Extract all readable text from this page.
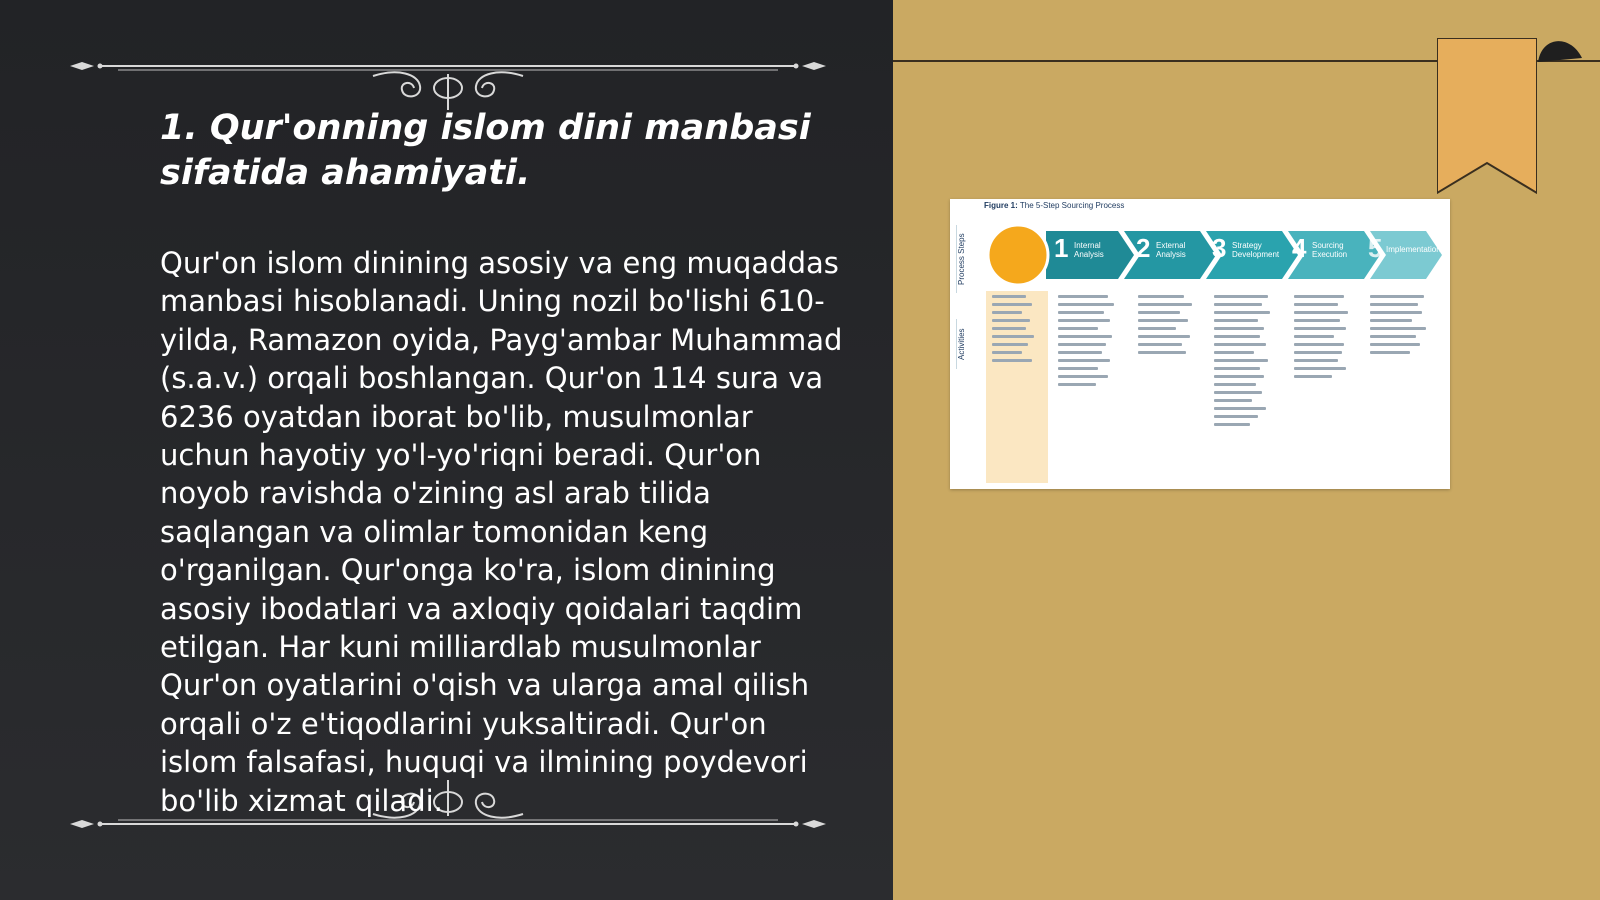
1. Qur'onning islom dini manbasi sifatida ahamiyati.

Qur'on islom dinining asosiy va eng muqaddas manbasi hisoblanadi. Uning nozil bo'lishi 610-yilda, Ramazon oyida, Payg'ambar Muhammad (s.a.v.) orqali boshlangan. Qur'on 114 sura va 6236 oyatdan iborat bo'lib, musulmonlar uchun hayotiy yo'l-yo'riqni beradi. Qur'on noyob ravishda o'zining asl arab tilida saqlangan va olimlar tomonidan keng o'rganilgan. Qur'onga ko'ra, islom dinining asosiy ibodatlari va axloqiy qoidalari taqdim etilgan. Har kuni milliardlab musulmonlar Qur'on oyatlarini o'qish va ularga amal qilish orqali o'z e'tiqodlarini yuksaltiradi. Qur'on islom falsafasi, huquqi va ilmining poydevori bo'lib xizmat qiladi.

Figure 1: The 5-Step Sourcing Process
Process Steps
Activities
1 Internal Analysis	2 External Analysis	3 Strategy Development 4 Sourcing Execution 5 Implementation
